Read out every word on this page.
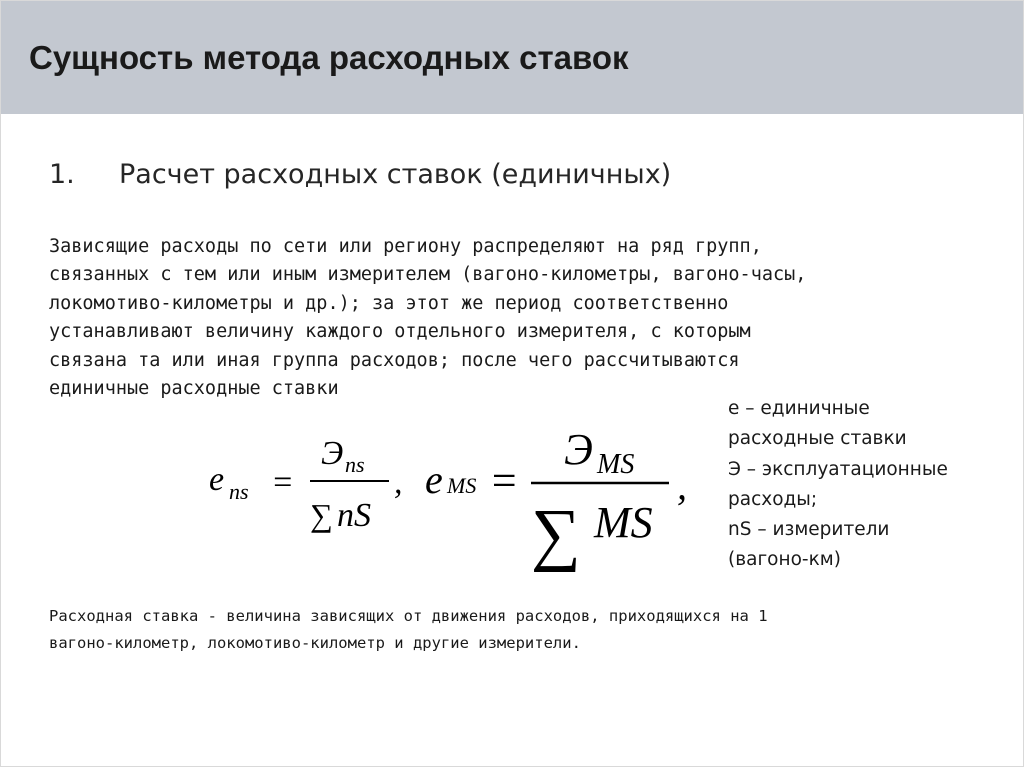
Сущность метода расходных ставок
1. Расчет расходных ставок (единичных)
Зависящие расходы по сети или региону распределяют на ряд групп,
связанных с тем или иным измерителем (вагоно-километры, вагоно-часы,
локомотиво-километры и др.); за этот же период соответственно
устанавливают величину каждого отдельного измерителя, с которым
связана та или иная группа расходов; после чего рассчитываются
единичные расходные ставки
e ns =
Э ns
∑ nS
, e MS =
Э MS
∑ MS
,
е – единичные
расходные ставки
Э – эксплуатационные
расходы;
nS – измерители
(вагоно-км)
Расходная ставка - величина зависящих от движения расходов, приходящихся на 1
вагоно-километр, локомотиво-километр и другие измерители.
